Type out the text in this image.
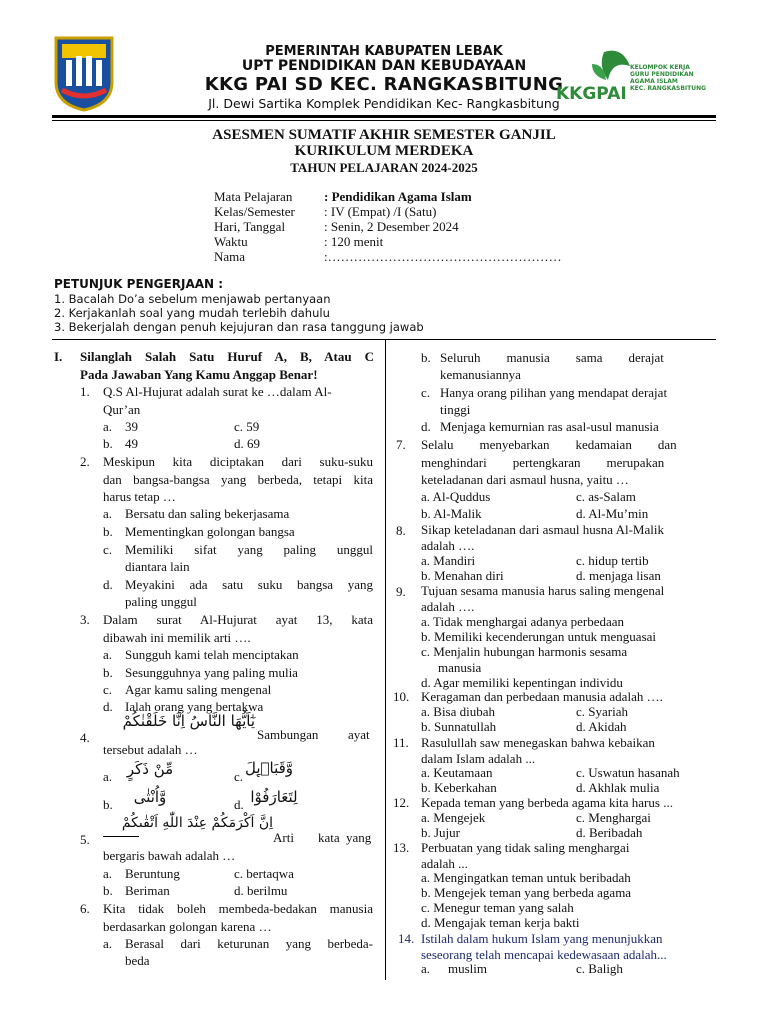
PEMERINTAH KABUPATEN LEBAK
UPT PENDIDIKAN DAN KEBUDAYAAN
KKG PAI SD KEC. RANGKASBITUNG
Jl. Dewi Sartika Komplek Pendidikan Kec- Rangkasbitung
KKGPAI
KELOMPOK KERJA
GURU PENDIDIKAN
AGAMA ISLAM
KEC. RANGKASBITUNG
ASESMEN SUMATIF AKHIR SEMESTER GANJIL
KURIKULUM MERDEKA
TAHUN PELAJARAN 2024-2025
Mata Pelajaran : Pendidikan Agama Islam
Kelas/Semester : IV (Empat) /I (Satu)
Hari, Tanggal	: Senin, 2 Desember 2024
Waktu	: 120 menit
Nama	:………………………………………………
PETUNJUK PENGERJAAN :
1. Bacalah Do’a sebelum menjawab pertanyaan
2. Kerjakanlah soal yang mudah terlebih dahulu
3. Bekerjalah dengan penuh kejujuran dan rasa tanggung jawab
I. Silanglah Salah Satu Huruf A, B, Atau C
Pada Jawaban Yang Kamu Anggap Benar!
1. Q.S Al-Hujurat adalah surat ke …dalam Al-
Qur’an
a. 39	c. 59
b. 49	d. 69
2. Meskipun kita diciptakan dari suku-suku
dan bangsa-bangsa yang berbeda, tetapi kita
harus tetap …
a. Bersatu dan saling bekerjasama
b. Mementingkan golongan bangsa
c. Memiliki sifat yang paling unggul
diantara lain
d. Meyakini ada satu suku bangsa yang
paling unggul
3. Dalam surat Al-Hujurat ayat 13, kata
dibawah ini memilik arti ….
a. Sungguh kami telah menciptakan
b. Sesungguhnya yang paling mulia
c. Agar kamu saling mengenal
d. Ialah orang yang bertakwa
4.
يٰٓاَيُّهَا النَّاسُ اِنَّا خَلَقْنٰكُمْ
Sambungan ayat
tersebut adalah …
a. مِّنْ ذَكَرٍ	c. وَّقَبَاۤىِٕلَ
b.	وَّاُنْثٰى	d. لِتَعَارَفُوْا
5.
اِنَّ اَكْرَمَكُمْ عِنْدَ اللّٰهِ اَتْقٰىكُمْ
Arti kata yang
bergaris bawah adalah …
a. Beruntung	c. bertaqwa
b. Beriman	d. berilmu
6. Kita tidak boleh membeda-bedakan manusia
berdasarkan golongan karena …
a. Berasal dari keturunan yang berbeda-
beda
b. Seluruh        manusia        sama        derajat
kemanusiannya
c. Hanya orang pilihan yang mendapat derajat
tinggi
d. Menjaga kemurnian ras asal-usul manusia
7. Selalu        menyebarkan        kedamaian        dan
menghindari        pertengkaran        merupakan
keteladanan dari asmaul husna, yaitu …
a. Al-Quddus	c. as-Salam
b. Al-Malik	d. Al-Mu’min
8. Sikap keteladanan dari asmaul husna Al-Malik
adalah ….
a. Mandiri	c. hidup tertib
b. Menahan diri	d. menjaga lisan
9. Tujuan sesama manusia harus saling mengenal
adalah ….
a. Tidak menghargai adanya perbedaan
b. Memiliki kecenderungan untuk menguasai
c. Menjalin hubungan harmonis sesama
manusia
d. Agar memiliki kepentingan individu
10. Keragaman dan perbedaan manusia adalah ….
a. Bisa diubah	c. Syariah
b. Sunnatullah	d. Akidah
11. Rasulullah saw menegaskan bahwa kebaikan
dalam Islam adalah ...
a. Keutamaan	c. Uswatun hasanah
b. Keberkahan	d. Akhlak mulia
12. Kepada teman yang berbeda agama kita harus ...
a. Mengejek	c. Menghargai
b. Jujur	d. Beribadah
13. Perbuatan yang tidak saling menghargai
adalah ...
a. Mengingatkan teman untuk beribadah
b. Mengejek teman yang berbeda agama
c. Menegur teman yang salah
d. Mengajak teman kerja bakti
14. Istilah dalam hukum Islam yang menunjukkan
seseorang telah mencapai kedewasaan adalah...
a. muslim	c. Baligh
